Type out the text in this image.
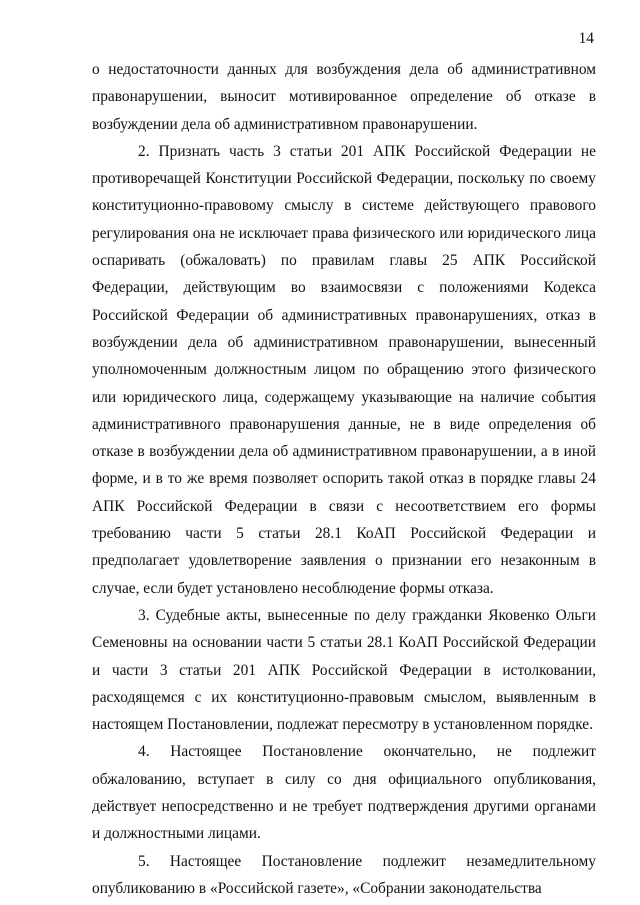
14

о недостаточности данных для возбуждения дела об административном правонарушении, выносит мотивированное определение об отказе в возбуждении дела об административном правонарушении.

2. Признать часть 3 статьи 201 АПК Российской Федерации не противоречащей Конституции Российской Федерации, поскольку по своему конституционно-правовому смыслу в системе действующего правового регулирования она не исключает права физического или юридического лица оспаривать (обжаловать) по правилам главы 25 АПК Российской Федерации, действующим во взаимосвязи с положениями Кодекса Российской Федерации об административных правонарушениях, отказ в возбуждении дела об административном правонарушении, вынесенный уполномоченным должностным лицом по обращению этого физического или юридического лица, содержащему указывающие на наличие события административного правонарушения данные, не в виде определения об отказе в возбуждении дела об административном правонарушении, а в иной форме, и в то же время позволяет оспорить такой отказ в порядке главы 24 АПК Российской Федерации в связи с несоответствием его формы требованию части 5 статьи 28.1 КоАП Российской Федерации и предполагает удовлетворение заявления о признании его незаконным в случае, если будет установлено несоблюдение формы отказа.

3. Судебные акты, вынесенные по делу гражданки Яковенко Ольги Семеновны на основании части 5 статьи 28.1 КоАП Российской Федерации и части 3 статьи 201 АПК Российской Федерации в истолковании, расходящемся с их конституционно-правовым смыслом, выявленным в настоящем Постановлении, подлежат пересмотру в установленном порядке.

4. Настоящее Постановление окончательно, не подлежит обжалованию, вступает в силу со дня официального опубликования, действует непосредственно и не требует подтверждения другими органами и должностными лицами.

5. Настоящее Постановление подлежит незамедлительному опубликованию в «Российской газете», «Собрании законодательства
